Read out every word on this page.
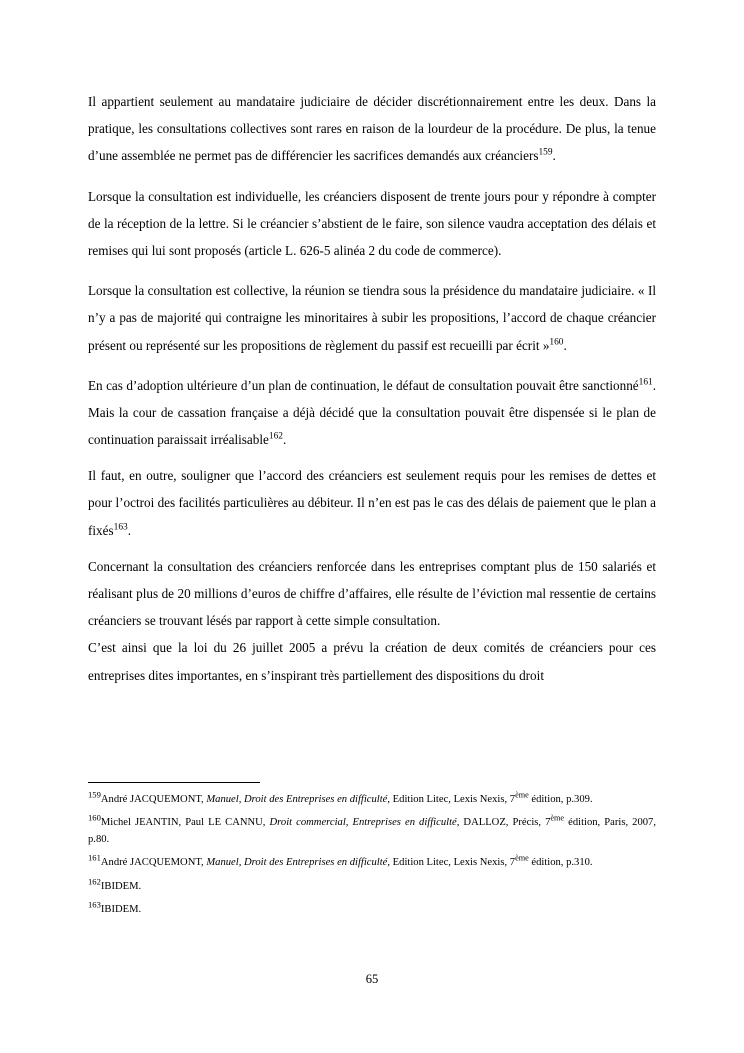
Il appartient seulement au mandataire judiciaire de décider discrétionnairement entre les deux. Dans la pratique, les consultations collectives sont rares en raison de la lourdeur de la procédure. De plus, la tenue d’une assemblée ne permet pas de différencier les sacrifices demandés aux créanciers$^{159}$.

Lorsque la consultation est individuelle, les créanciers disposent de trente jours pour y répondre à compter de la réception de la lettre. Si le créancier s’abstient de le faire, son silence vaudra acceptation des délais et remises qui lui sont proposés (article L. 626-5 alinéa 2 du code de commerce).

Lorsque la consultation est collective, la réunion se tiendra sous la présidence du mandataire judiciaire. « Il n’y a pas de majorité qui contraigne les minoritaires à subir les propositions, l’accord de chaque créancier présent ou représenté sur les propositions de règlement du passif est recueilli par écrit »$^{160}$.

En cas d’adoption ultérieure d’un plan de continuation, le défaut de consultation pouvait être sanctionné$^{161}$. Mais la cour de cassation française a déjà décidé que la consultation pouvait être dispensée si le plan de continuation paraissait irréalisable$^{162}$.

Il faut, en outre, souligner que l’accord des créanciers est seulement requis pour les remises de dettes et pour l’octroi des facilités particulières au débiteur. Il n’en est pas le cas des délais de paiement que le plan a fixés$^{163}$.

Concernant la consultation des créanciers renforcée dans les entreprises comptant plus de 150 salariés et réalisant plus de 20 millions d’euros de chiffre d’affaires, elle résulte de l’éviction mal ressentie de certains créanciers se trouvant lésés par rapport à cette simple consultation.

C’est ainsi que la loi du 26 juillet 2005 a prévu la création de deux comités de créanciers pour ces entreprises dites importantes, en s’inspirant très partiellement des dispositions du droit

$^{159}$André JACQUEMONT, Manuel, Droit des Entreprises en difficulté, Edition Litec, Lexis Nexis, 7ème édition, p.309.

$^{160}$Michel JEANTIN, Paul LE CANNU, Droit commercial, Entreprises en difficulté, DALLOZ, Précis, 7ème édition, Paris, 2007, p.80.

$^{161}$André JACQUEMONT, Manuel, Droit des Entreprises en difficulté, Edition Litec, Lexis Nexis, 7ème édition, p.310.

$^{162}$IBIDEM.

$^{163}$IBIDEM.

65
